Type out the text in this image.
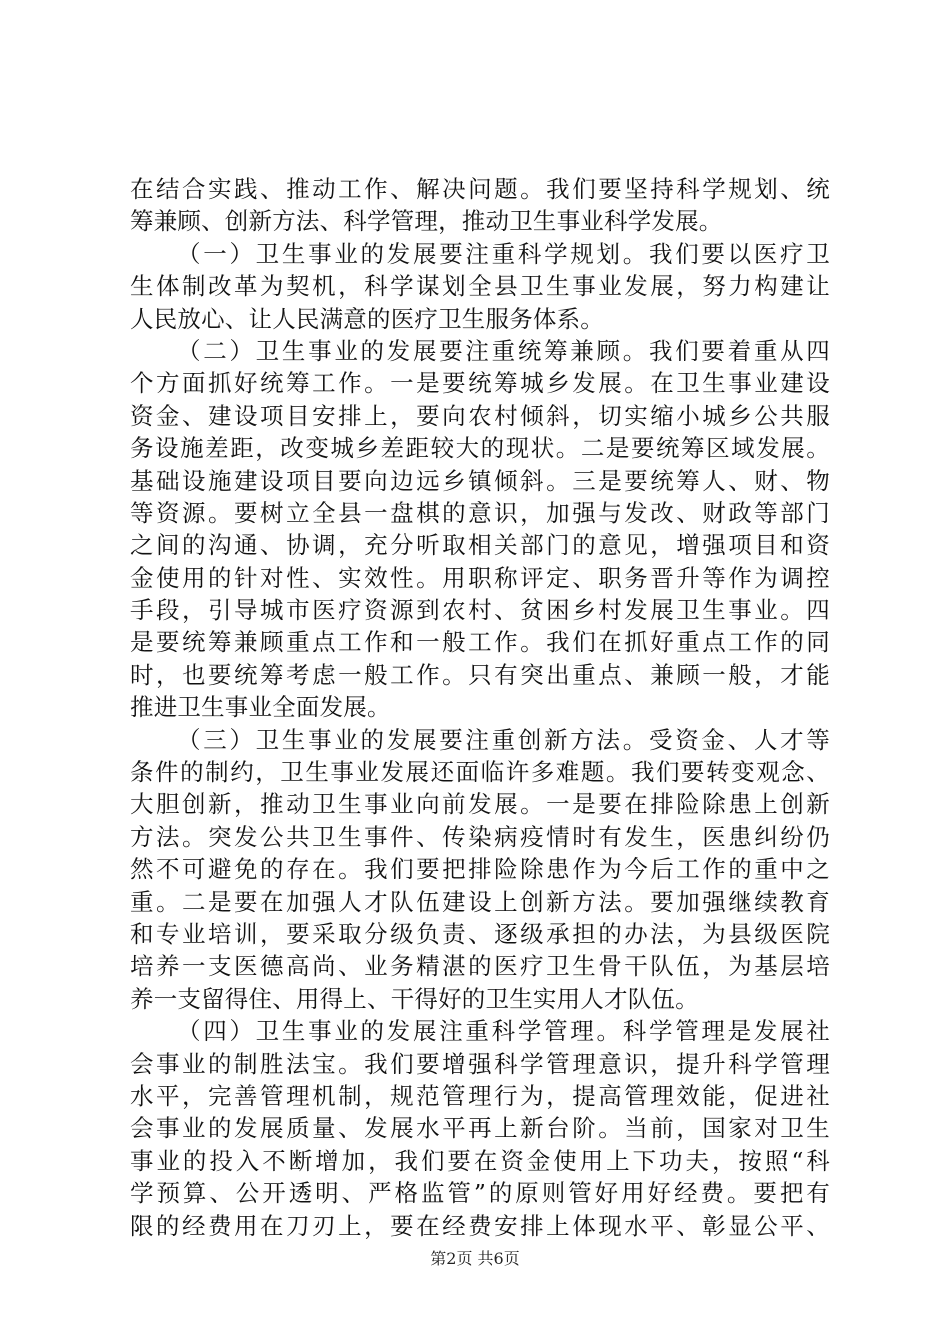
在结合实践、推动工作、解决问题。我们要坚持科学规划、统
筹兼顾、创新方法、科学管理，推动卫生事业科学发展。
（一）卫生事业的发展要注重科学规划。我们要以医疗卫
生体制改革为契机，科学谋划全县卫生事业发展，努力构建让
人民放心、让人民满意的医疗卫生服务体系。
（二）卫生事业的发展要注重统筹兼顾。我们要着重从四
个方面抓好统筹工作。一是要统筹城乡发展。在卫生事业建设
资金、建设项目安排上，要向农村倾斜，切实缩小城乡公共服
务设施差距，改变城乡差距较大的现状。二是要统筹区域发展。
基础设施建设项目要向边远乡镇倾斜。三是要统筹人、财、物
等资源。要树立全县一盘棋的意识，加强与发改、财政等部门
之间的沟通、协调，充分听取相关部门的意见，增强项目和资
金使用的针对性、实效性。用职称评定、职务晋升等作为调控
手段，引导城市医疗资源到农村、贫困乡村发展卫生事业。四
是要统筹兼顾重点工作和一般工作。我们在抓好重点工作的同
时，也要统筹考虑一般工作。只有突出重点、兼顾一般，才能
推进卫生事业全面发展。
（三）卫生事业的发展要注重创新方法。受资金、人才等
条件的制约，卫生事业发展还面临许多难题。我们要转变观念、
大胆创新，推动卫生事业向前发展。一是要在排险除患上创新
方法。突发公共卫生事件、传染病疫情时有发生，医患纠纷仍
然不可避免的存在。我们要把排险除患作为今后工作的重中之
重。二是要在加强人才队伍建设上创新方法。要加强继续教育
和专业培训，要采取分级负责、逐级承担的办法，为县级医院
培养一支医德高尚、业务精湛的医疗卫生骨干队伍，为基层培
养一支留得住、用得上、干得好的卫生实用人才队伍。
（四）卫生事业的发展注重科学管理。科学管理是发展社
会事业的制胜法宝。我们要增强科学管理意识，提升科学管理
水平，完善管理机制，规范管理行为，提高管理效能，促进社
会事业的发展质量、发展水平再上新台阶。当前，国家对卫生
事业的投入不断增加，我们要在资金使用上下功夫，按照“科
学预算、公开透明、严格监管”的原则管好用好经费。要把有
限的经费用在刀刃上，要在经费安排上体现水平、彰显公平、
第2页 共6页
